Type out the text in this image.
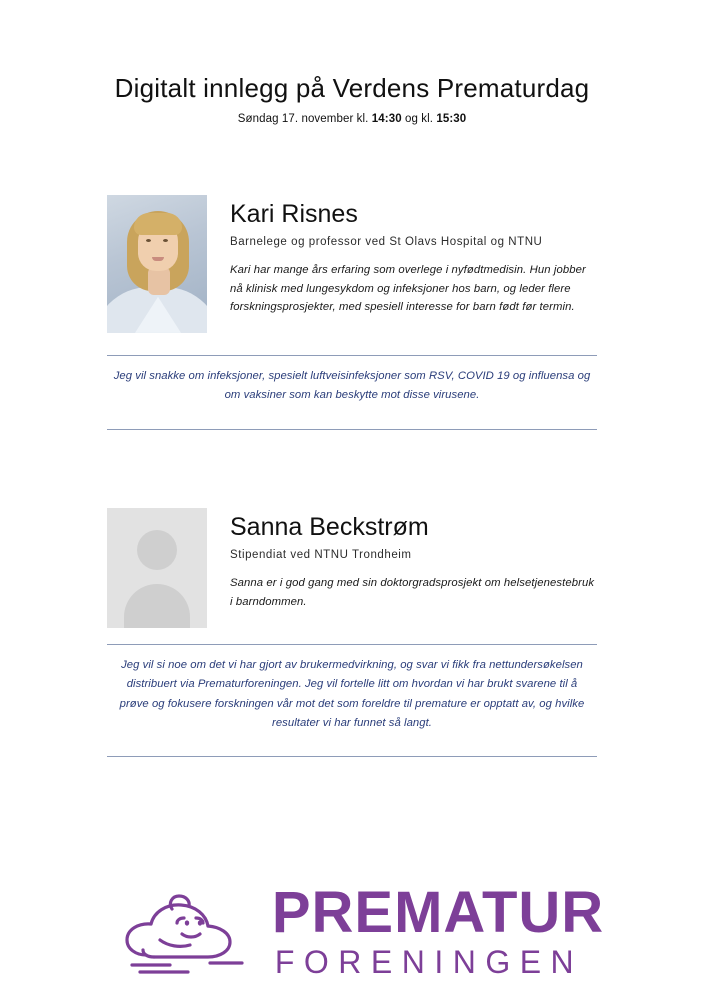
Digitalt innlegg på Verdens Prematurdag
Søndag 17. november kl. 14:30 og kl. 15:30
Kari Risnes
Barnelege og professor ved St Olavs Hospital og NTNU
Kari har mange års erfaring som overlege i nyfødtmedisin. Hun jobber nå klinisk med lungesykdom og infeksjoner hos barn, og leder flere forskningsprosjekter, med spesiell interesse for barn født før termin.
Jeg vil snakke om infeksjoner, spesielt luftveisinfeksjoner som RSV, COVID 19 og influensa og om vaksiner som kan beskytte mot disse virusene.
Sanna Beckstrøm
Stipendiat ved NTNU Trondheim
Sanna er i god gang med sin doktorgradsprosjekt om helsetjenestebruk i barndommen.
Jeg vil si noe om det vi har gjort av brukermedvirkning, og svar vi fikk fra nettundersøkelsen distribuert via Prematurforeningen. Jeg vil fortelle litt om hvordan vi har brukt svarene til å prøve og fokusere forskningen vår mot det som foreldre til premature er opptatt av, og hvilke resultater vi har funnet så langt.
PREMATUR
FORENINGEN
